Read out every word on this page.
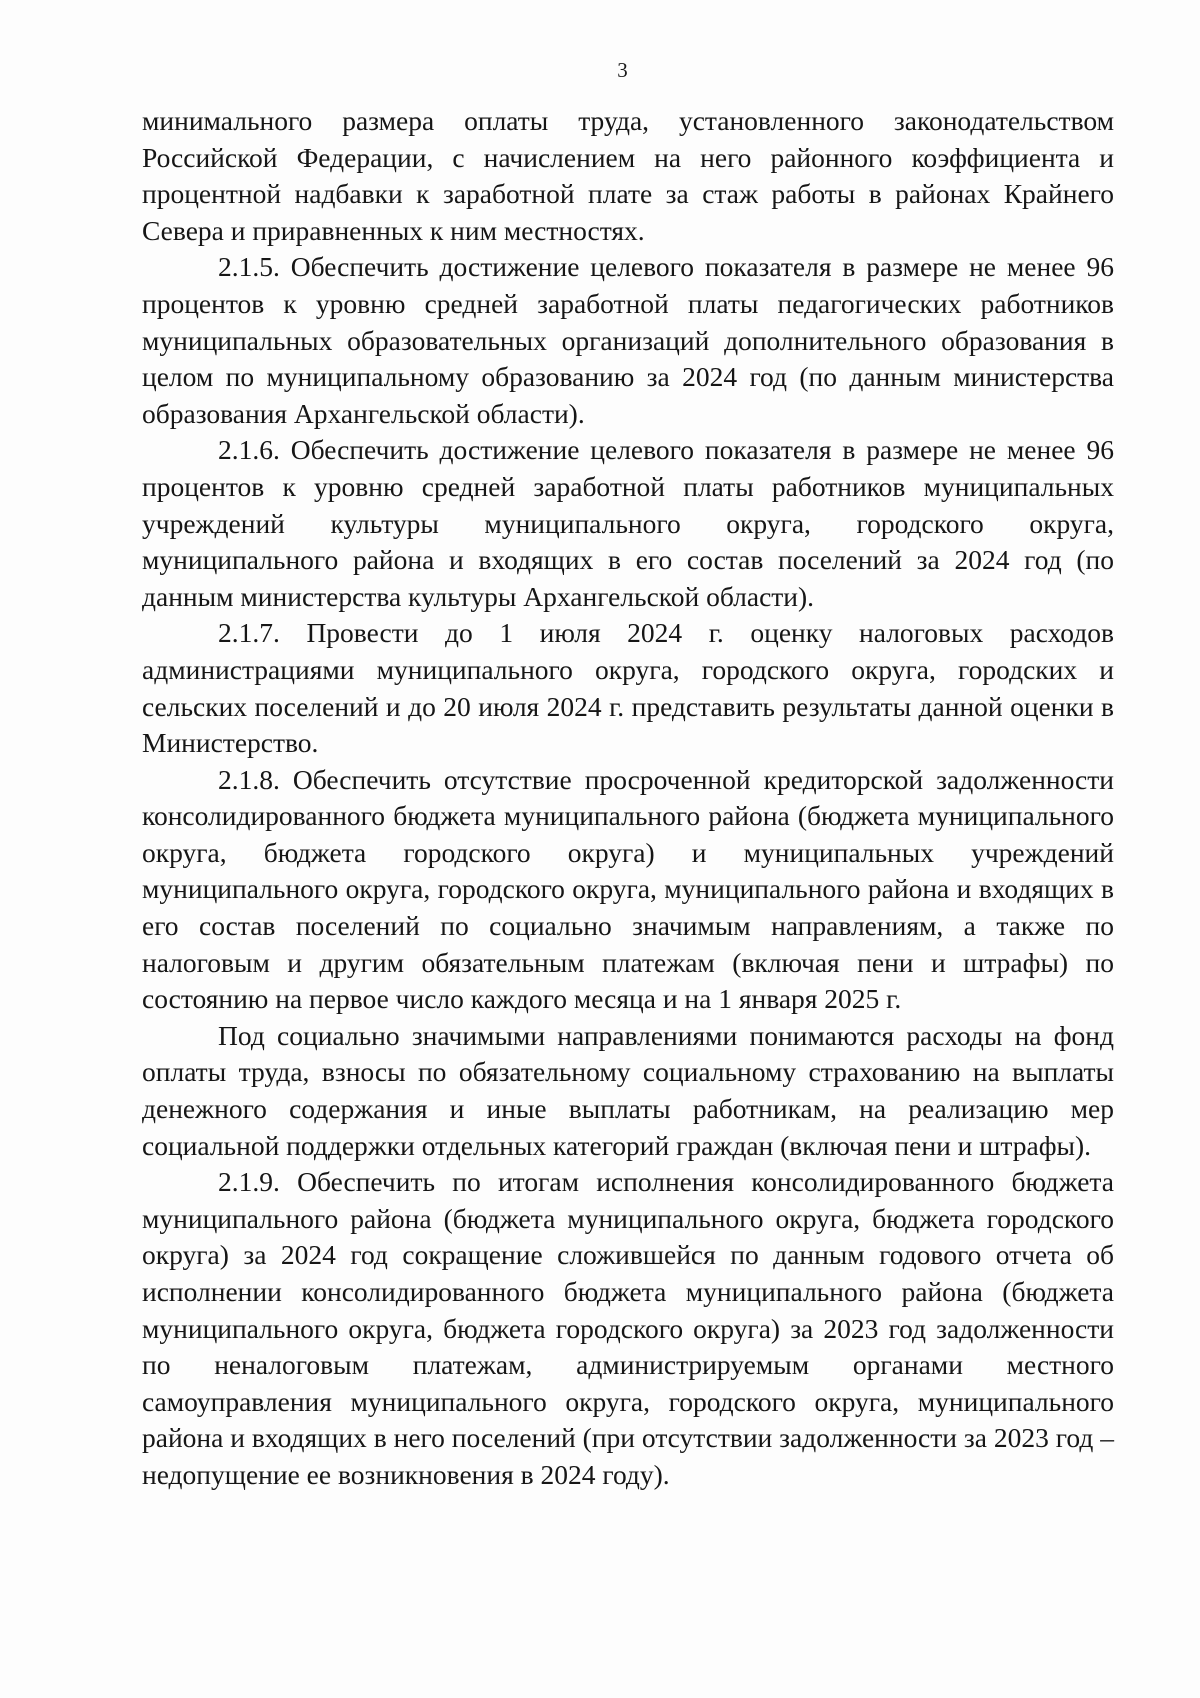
3

минимального размера оплаты труда, установленного законодательством Российской Федерации, с начислением на него районного коэффициента и процентной надбавки к заработной плате за стаж работы в районах Крайнего Севера и приравненных к ним местностях.

2.1.5. Обеспечить достижение целевого показателя в размере не менее 96 процентов к уровню средней заработной платы педагогических работников муниципальных образовательных организаций дополнительного образования в целом по муниципальному образованию за 2024 год (по данным министерства образования Архангельской области).

2.1.6. Обеспечить достижение целевого показателя в размере не менее 96 процентов к уровню средней заработной платы работников муниципальных учреждений культуры муниципального округа, городского округа, муниципального района и входящих в его состав поселений за 2024 год (по данным министерства культуры Архангельской области).

2.1.7. Провести до 1 июля 2024 г. оценку налоговых расходов администрациями муниципального округа, городского округа, городских и сельских поселений и до 20 июля 2024 г. представить результаты данной оценки в Министерство.

2.1.8. Обеспечить отсутствие просроченной кредиторской задолженности консолидированного бюджета муниципального района (бюджета муниципального округа, бюджета городского округа) и муниципальных учреждений муниципального округа, городского округа, муниципального района и входящих в его состав поселений по социально значимым направлениям, а также по налоговым и другим обязательным платежам (включая пени и штрафы) по состоянию на первое число каждого месяца и на 1 января 2025 г.

Под социально значимыми направлениями понимаются расходы на фонд оплаты труда, взносы по обязательному социальному страхованию на выплаты денежного содержания и иные выплаты работникам, на реализацию мер социальной поддержки отдельных категорий граждан (включая пени и штрафы).

2.1.9. Обеспечить по итогам исполнения консолидированного бюджета муниципального района (бюджета муниципального округа, бюджета городского округа) за 2024 год сокращение сложившейся по данным годового отчета об исполнении консолидированного бюджета муниципального района (бюджета муниципального округа, бюджета городского округа) за 2023 год задолженности по неналоговым платежам, администрируемым органами местного самоуправления муниципального округа, городского округа, муниципального района и входящих в него поселений (при отсутствии задолженности за 2023 год – недопущение ее возникновения в 2024 году).
